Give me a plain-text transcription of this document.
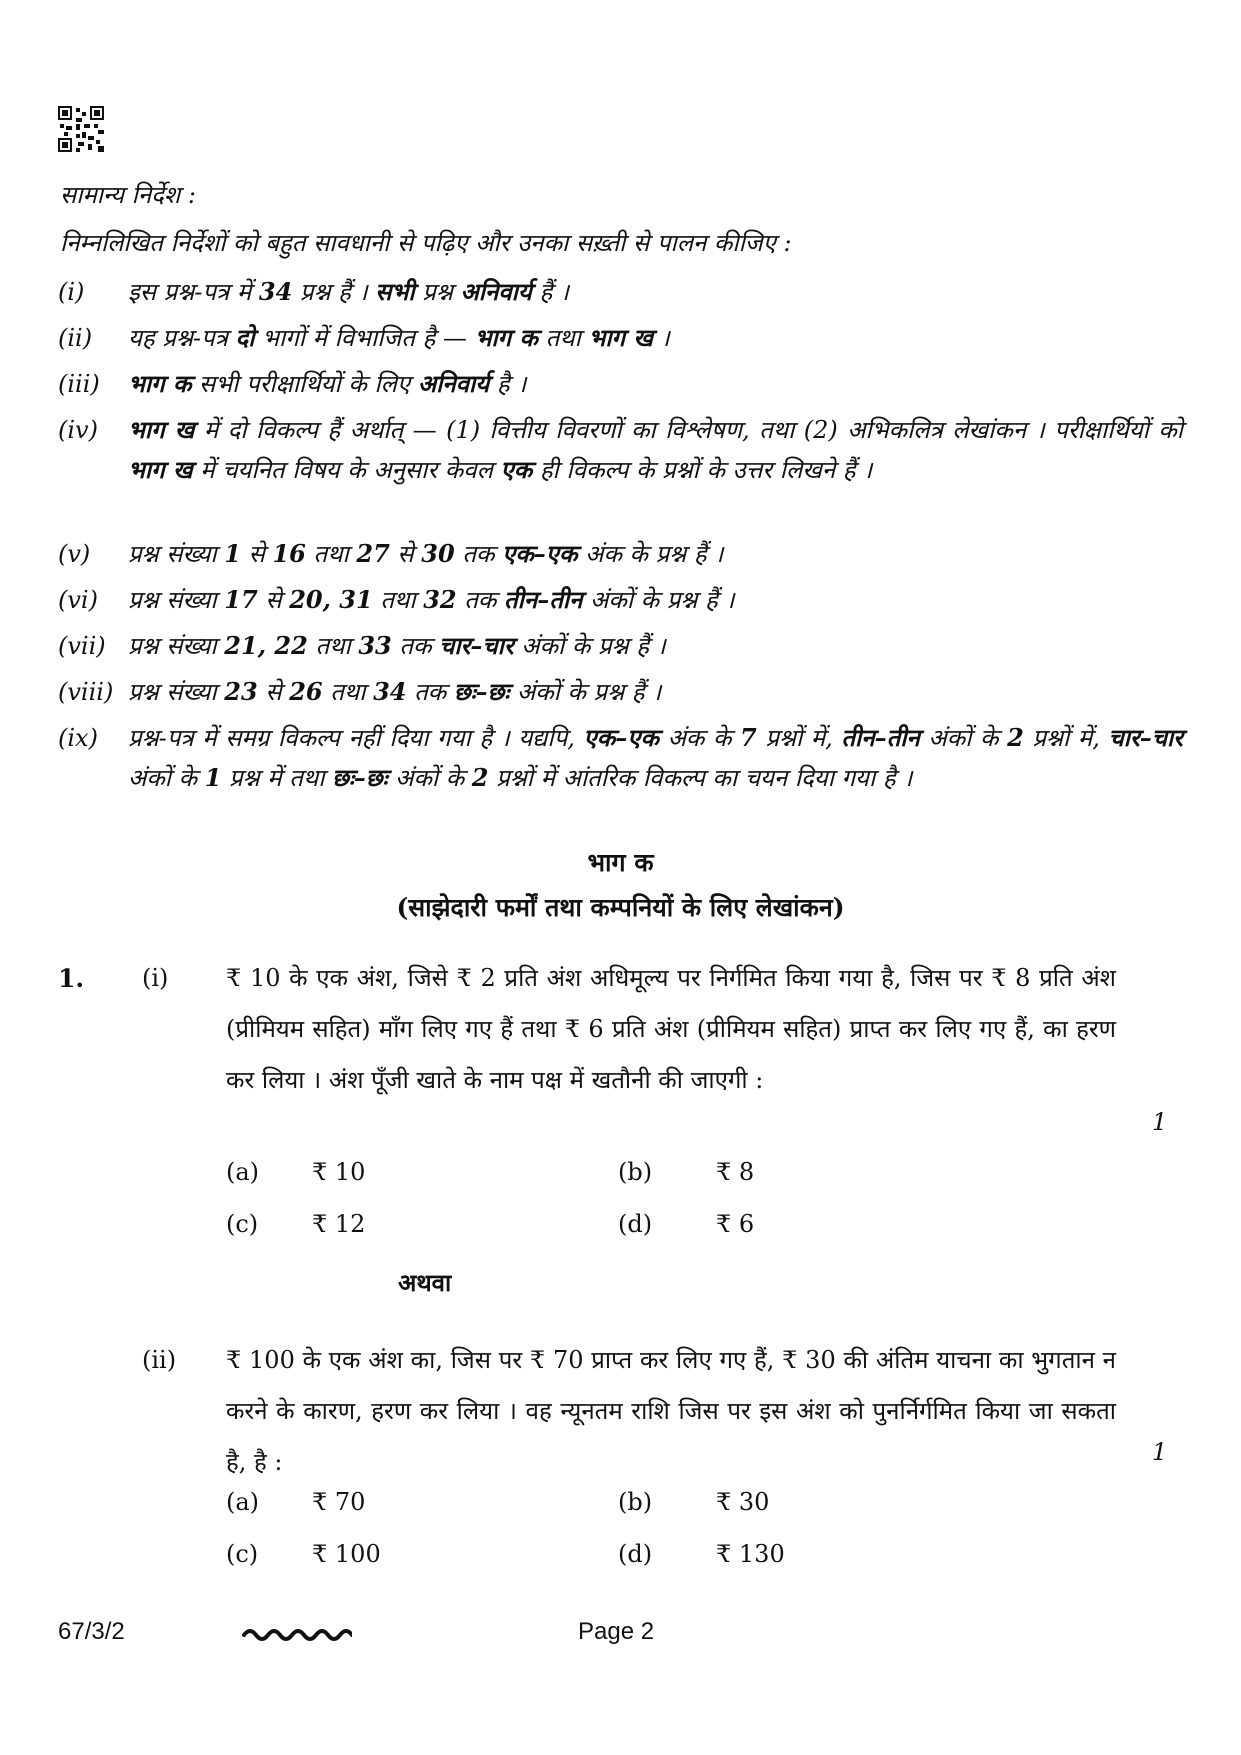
सामान्य निर्देश :
निम्नलिखित निर्देशों को बहुत सावधानी से पढ़िए और उनका सख़्ती से पालन कीजिए :
(i)	इस प्रश्न-पत्र में 34 प्रश्न हैं । सभी प्रश्न अनिवार्य हैं ।
(ii)	यह प्रश्न-पत्र दो भागों में विभाजित है — भाग क तथा भाग ख ।
(iii)	भाग क सभी परीक्षार्थियों के लिए अनिवार्य है ।
(iv)	भाग ख में दो विकल्प हैं अर्थात् — (1) वित्तीय विवरणों का विश्लेषण, तथा (2) अभिकलित्र लेखांकन । परीक्षार्थियों को भाग ख में चयनित विषय के अनुसार केवल एक ही विकल्प के प्रश्नों के उत्तर लिखने हैं ।
(v)	प्रश्न संख्या 1 से 16 तथा 27 से 30 तक एक–एक अंक के प्रश्न हैं ।
(vi)	प्रश्न संख्या 17 से 20, 31 तथा 32 तक तीन–तीन अंकों के प्रश्न हैं ।
(vii) प्रश्न संख्या 21, 22 तथा 33 तक चार–चार अंकों के प्रश्न हैं ।
(viii) प्रश्न संख्या 23 से 26 तथा 34 तक छः–छः अंकों के प्रश्न हैं ।
(ix)	प्रश्न-पत्र में समग्र विकल्प नहीं दिया गया है । यद्यपि, एक–एक अंक के 7 प्रश्नों में, तीन–तीन अंकों के 2 प्रश्नों में, चार–चार अंकों के 1 प्रश्न में तथा छः–छः अंकों के 2 प्रश्नों में आंतरिक विकल्प का चयन दिया गया है ।
भाग क
(साझेदारी फर्मों तथा कम्पनियों के लिए लेखांकन)
1. (i) ₹ 10 के एक अंश, जिसे ₹ 2 प्रति अंश अधिमूल्य पर निर्गमित किया गया है, जिस पर ₹ 8 प्रति अंश (प्रीमियम सहित) माँग लिए गए हैं तथा ₹ 6 प्रति अंश (प्रीमियम सहित) प्राप्त कर लिए गए हैं, का हरण कर लिया । अंश पूँजी खाते के नाम पक्ष में खतौनी की जाएगी :
1
(a) ₹ 10	(b)	₹ 8
(c) ₹ 12	(d)	₹ 6
अथवा
(ii) ₹ 100 के एक अंश का, जिस पर ₹ 70 प्राप्त कर लिए गए हैं, ₹ 30 की अंतिम याचना का भुगतान न करने के कारण, हरण कर लिया । वह न्यूनतम राशि जिस पर इस अंश को पुनर्निर्गमित किया जा सकता है, है :	1
(a) ₹ 70	(b)	₹ 30
(c) ₹ 100	(d)	₹ 130
67/3/2	Page 2
